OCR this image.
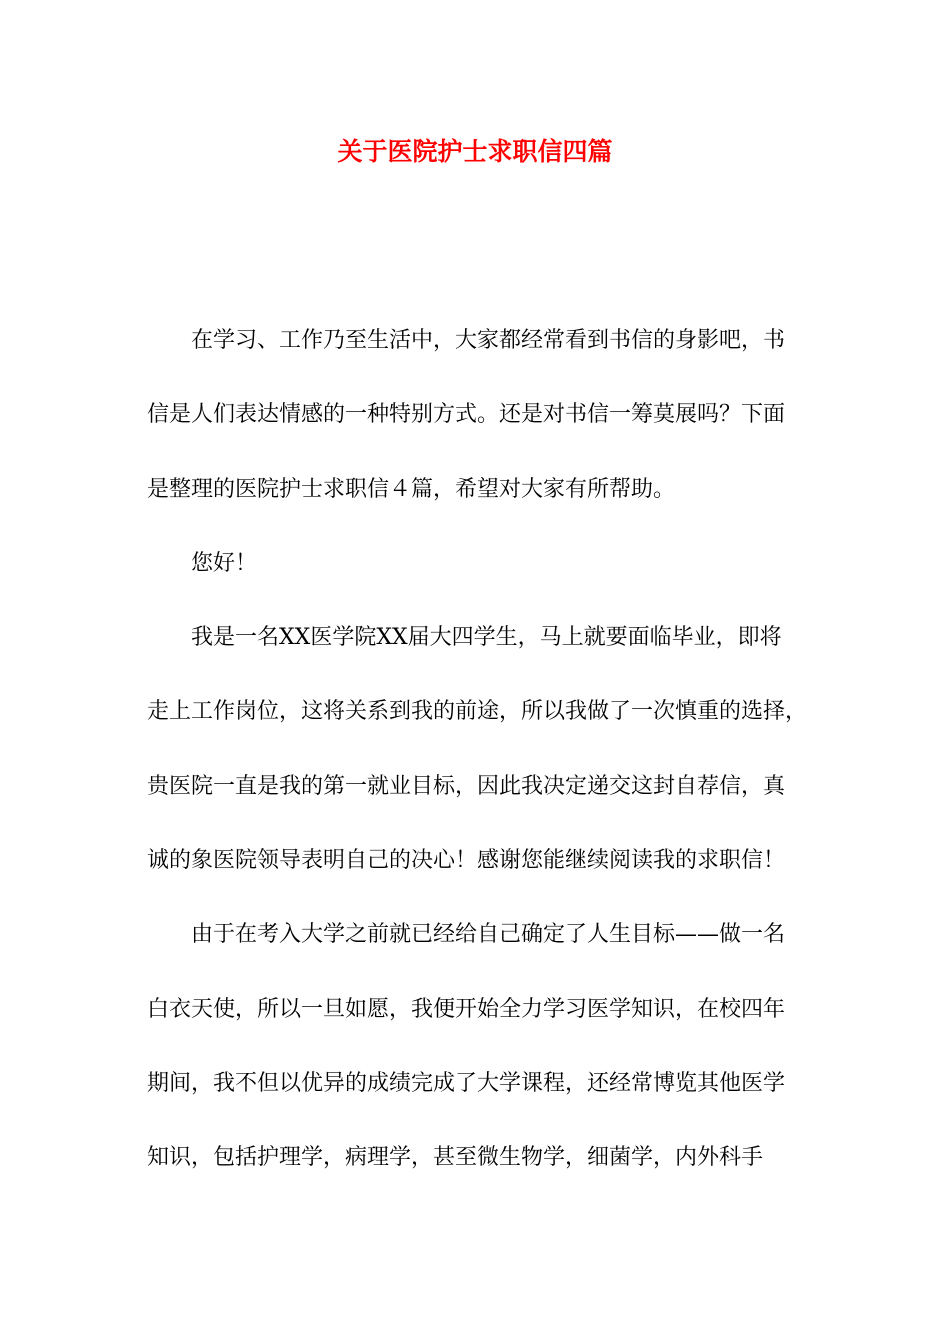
关于医院护士求职信四篇
在学习、工作乃至生活中，大家都经常看到书信的身影吧，书
信是人们表达情感的一种特别方式。还是对书信一筹莫展吗？下面
是整理的医院护士求职信４篇，希望对大家有所帮助。
您好！
我是一名XX医学院XX届大四学生，马上就要面临毕业，即将
走上工作岗位，这将关系到我的前途，所以我做了一次慎重的选择，
贵医院一直是我的第一就业目标，因此我决定递交这封自荐信，真
诚的象医院领导表明自己的决心！感谢您能继续阅读我的求职信！
由于在考入大学之前就已经给自己确定了人生目标——做一名
白衣天使，所以一旦如愿，我便开始全力学习医学知识，在校四年
期间，我不但以优异的成绩完成了大学课程，还经常博览其他医学
知识，包括护理学，病理学，甚至微生物学，细菌学，内外科手
